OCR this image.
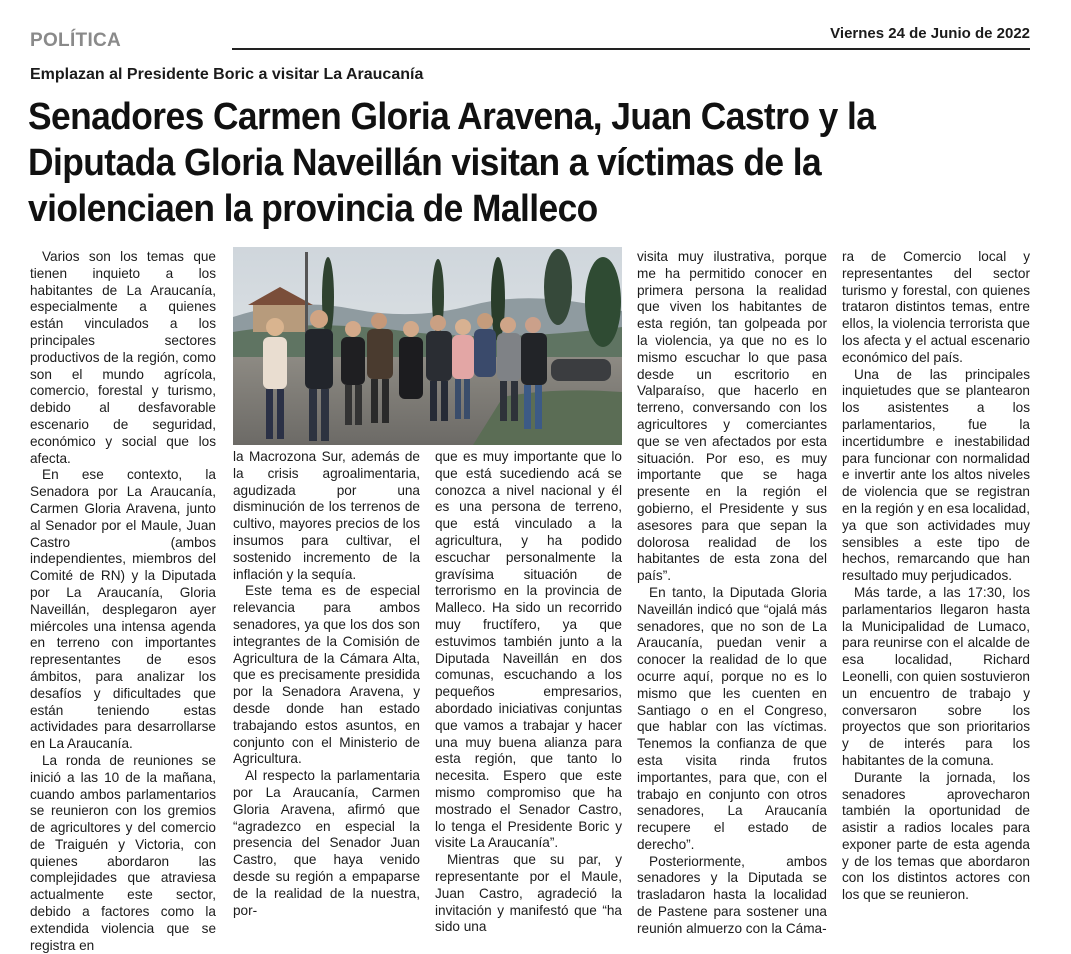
POLÍTICA	Viernes 24 de Junio de 2022
Emplazan al Presidente Boric a visitar La Araucanía
Senadores Carmen Gloria Aravena, Juan Castro y la Diputada Gloria Naveillán visitan a víctimas de la violenciaen la provincia de Malleco

Varios son los temas que tienen inquieto a los habitantes de La Araucanía, especialmente a quienes están vinculados a los principales sectores productivos de la región, como son el mundo agrícola, comercio, forestal y turismo, debido al desfavorable escenario de seguridad, económico y social que los afecta.

En ese contexto, la Senadora por La Araucanía, Carmen Gloria Aravena, junto al Senador por el Maule, Juan Castro (ambos independientes, miembros del Comité de RN) y la Diputada por La Araucanía, Gloria Naveillán, desplegaron ayer miércoles una intensa agenda en terreno con importantes representantes de esos ámbitos, para analizar los desafíos y dificultades que están teniendo estas actividades para desarrollarse en La Araucanía.

La ronda de reuniones se inició a las 10 de la mañana, cuando ambos parlamentarios se reunieron con los gremios de agricultores y del comercio de Traiguén y Victoria, con quienes abordaron las complejidades que atraviesa actualmente este sector, debido a factores como la extendida violencia que se registra en

la Macrozona Sur, además de la crisis agroalimentaria, agudizada por una disminución de los terrenos de cultivo, mayores precios de los insumos para cultivar, el sostenido incremento de la inflación y la sequía.

Este tema es de especial relevancia para ambos senadores, ya que los dos son integrantes de la Comisión de Agricultura de la Cámara Alta, que es precisamente presidida por la Senadora Aravena, y desde donde han estado trabajando estos asuntos, en conjunto con el Ministerio de Agricultura.

Al respecto la parlamentaria por La Araucanía, Carmen Gloria Aravena, afirmó que “agradezco en especial la presencia del Senador Juan Castro, que haya venido desde su región a empaparse de la realidad de la nuestra, por-

que es muy importante que lo que está sucediendo acá se conozca a nivel nacional y él es una persona de terreno, que está vinculado a la agricultura, y ha podido escuchar personalmente la gravísima situación de terrorismo en la provincia de Malleco. Ha sido un recorrido muy fructífero, ya que estuvimos también junto a la Diputada Naveillán en dos comunas, escuchando a los pequeños empresarios, abordado iniciativas conjuntas que vamos a trabajar y hacer una muy buena alianza para esta región, que tanto lo necesita. Espero que este mismo compromiso que ha mostrado el Senador Castro, lo tenga el Presidente Boric y visite La Araucanía”.

Mientras que su par, y representante por el Maule, Juan Castro, agradeció la invitación y manifestó que “ha sido una

visita muy ilustrativa, porque me ha permitido conocer en primera persona la realidad que viven los habitantes de esta región, tan golpeada por la violencia, ya que no es lo mismo escuchar lo que pasa desde un escritorio en Valparaíso, que hacerlo en terreno, conversando con los agricultores y comerciantes que se ven afectados por esta situación. Por eso, es muy importante que se haga presente en la región el gobierno, el Presidente y sus asesores para que sepan la dolorosa realidad de los habitantes de esta zona del país”.

En tanto, la Diputada Gloria Naveillán indicó que “ojalá más senadores, que no son de La Araucanía, puedan venir a conocer la realidad de lo que ocurre aquí, porque no es lo mismo que les cuenten en Santiago o en el Congreso, que hablar con las víctimas. Tenemos la confianza de que esta visita rinda frutos importantes, para que, con el trabajo en conjunto con otros senadores, La Araucanía recupere el estado de derecho”.

Posteriormente, ambos senadores y la Diputada se trasladaron hasta la localidad de Pastene para sostener una reunión almuerzo con la Cáma-

ra de Comercio local y representantes del sector turismo y forestal, con quienes trataron distintos temas, entre ellos, la violencia terrorista que los afecta y el actual escenario económico del país.

Una de las principales inquietudes que se plantearon los asistentes a los parlamentarios, fue la incertidumbre e inestabilidad para funcionar con normalidad e invertir ante los altos niveles de violencia que se registran en la región y en esa localidad, ya que son actividades muy sensibles a este tipo de hechos, remarcando que han resultado muy perjudicados.

Más tarde, a las 17:30, los parlamentarios llegaron hasta la Municipalidad de Lumaco, para reunirse con el alcalde de esa localidad, Richard Leonelli, con quien sostuvieron un encuentro de trabajo y conversaron sobre los proyectos que son prioritarios y de interés para los habitantes de la comuna.

Durante la jornada, los senadores aprovecharon también la oportunidad de asistir a radios locales para exponer parte de esta agenda y de los temas que abordaron con los distintos actores con los que se reunieron.
